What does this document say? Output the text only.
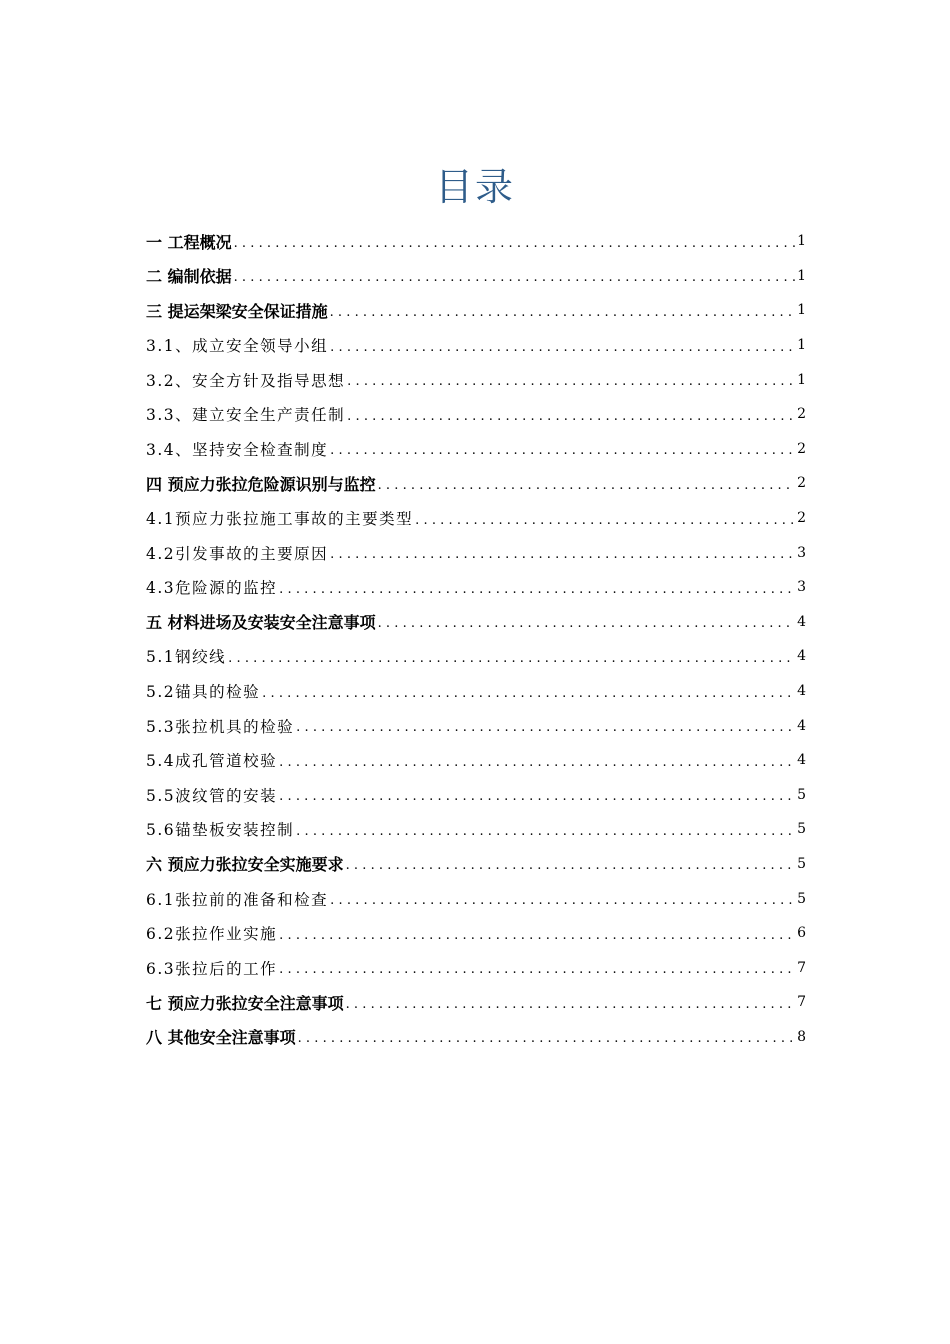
目录
一 工程概况 .....	1
二 编制依据 .....	1
三 提运架梁安全保证措施 .....	1
3.1、成立安全领导小组 .....	1
3.2、安全方针及指导思想 .....	1
3.3、建立安全生产责任制 .....	2
3.4、坚持安全检查制度 .....	2
四 预应力张拉危险源识别与监控 .....	2
4.1预应力张拉施工事故的主要类型 .....	2
4.2引发事故的主要原因 .....	3
4.3危险源的监控 .....	3
五 材料进场及安装安全注意事项 .....	4
5.1钢绞线 .....	4
5.2锚具的检验 .....	4
5.3张拉机具的检验 .....	4
5.4成孔管道校验 .....	4
5.5波纹管的安装 .....	5
5.6锚垫板安装控制 .....	5
六 预应力张拉安全实施要求 .....	5
6.1张拉前的准备和检查 .....	5
6.2张拉作业实施 .....	6
6.3张拉后的工作 .....	7
七 预应力张拉安全注意事项 .....	7
八 其他安全注意事项 .....	8
